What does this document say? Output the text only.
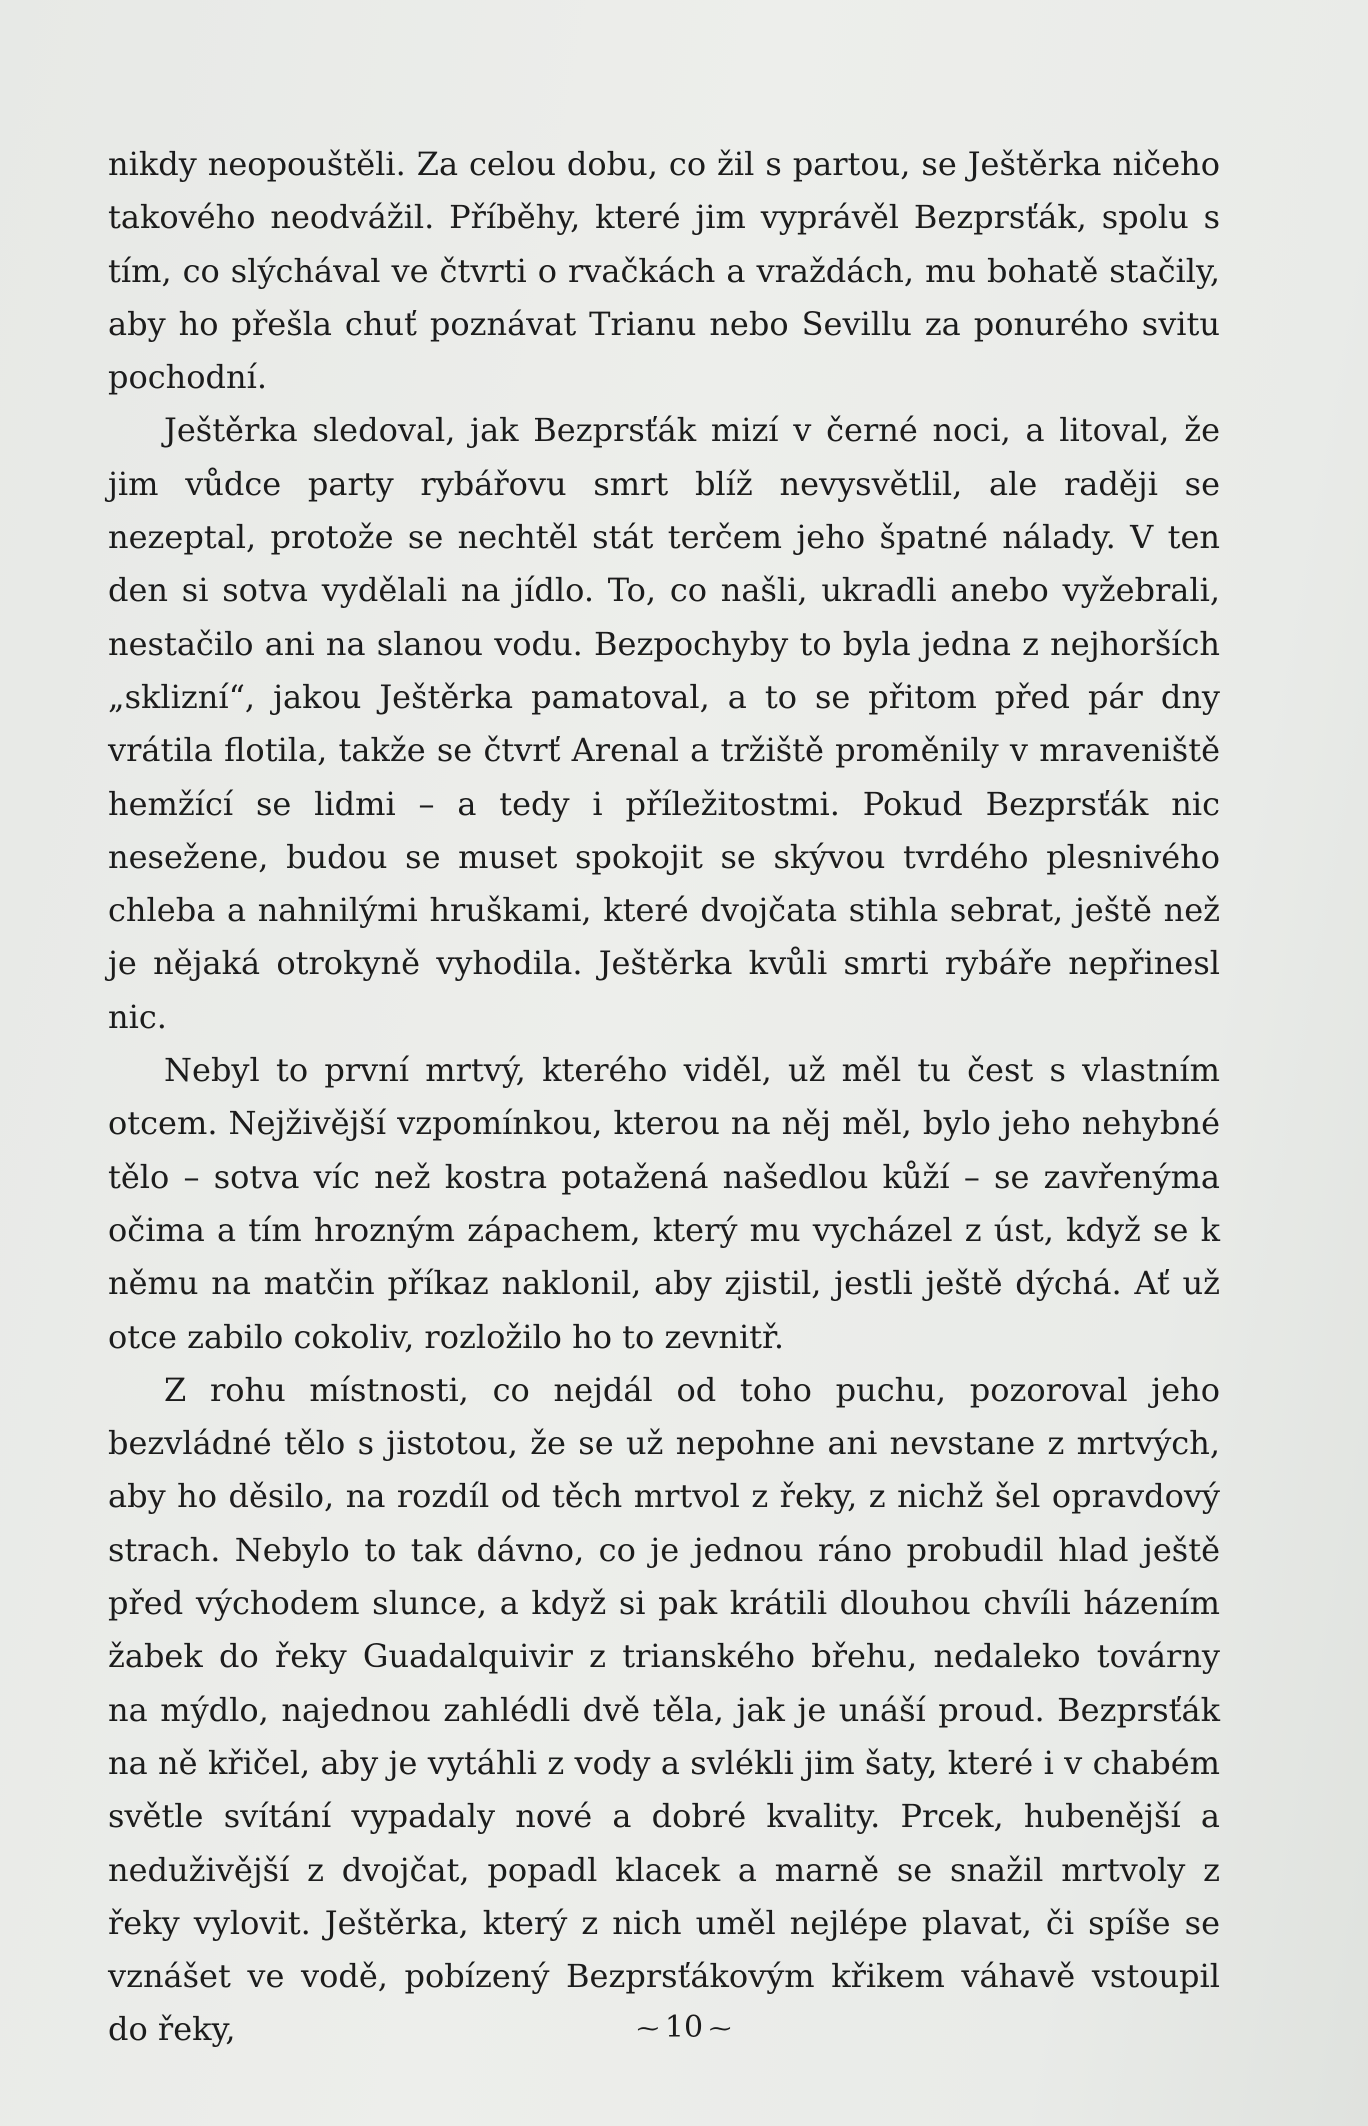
nikdy neopouštěli. Za celou dobu, co žil s partou, se Ještěrka ničeho takového neodvážil. Příběhy, které jim vyprávěl Bezprsťák, spolu s tím, co slýchával ve čtvrti o rvačkách a vraždách, mu bohatě stačily, aby ho přešla chuť poznávat Trianu nebo Sevillu za ponurého svitu pochodní.

Ještěrka sledoval, jak Bezprsťák mizí v černé noci, a litoval, že jim vůdce party rybářovu smrt blíž nevysvětlil, ale raději se nezeptal, protože se nechtěl stát terčem jeho špatné nálady. V ten den si sotva vydělali na jídlo. To, co našli, ukradli anebo vyžebrali, nestačilo ani na slanou vodu. Bezpochyby to byla jedna z nejhorších „sklizní“, jakou Ještěrka pamatoval, a to se přitom před pár dny vrátila flotila, takže se čtvrť Arenal a tržiště proměnily v mraveniště hemžící se lidmi – a tedy i příležitostmi. Pokud Bezprsťák nic nesežene, budou se muset spokojit se skývou tvrdého plesnivého chleba a nahnilými hruškami, které dvojčata stihla sebrat, ještě než je nějaká otrokyně vyhodila. Ještěrka kvůli smrti rybáře nepřinesl nic.

Nebyl to první mrtvý, kterého viděl, už měl tu čest s vlastním otcem. Nejživější vzpomínkou, kterou na něj měl, bylo jeho nehybné tělo – sotva víc než kostra potažená našedlou kůží – se zavřenýma očima a tím hrozným zápachem, který mu vycházel z úst, když se k němu na matčin příkaz naklonil, aby zjistil, jestli ještě dýchá. Ať už otce zabilo cokoliv, rozložilo ho to zevnitř.

Z rohu místnosti, co nejdál od toho puchu, pozoroval jeho bezvládné tělo s jistotou, že se už nepohne ani nevstane z mrtvých, aby ho děsilo, na rozdíl od těch mrtvol z řeky, z nichž šel opravdový strach. Nebylo to tak dávno, co je jednou ráno probudil hlad ještě před východem slunce, a když si pak krátili dlouhou chvíli házením žabek do řeky Guadalquivir z trianského břehu, nedaleko továrny na mýdlo, najednou zahlédli dvě těla, jak je unáší proud. Bezprsťák na ně křičel, aby je vytáhli z vody a svlékli jim šaty, které i v chabém světle svítání vypadaly nové a dobré kvality. Prcek, hubenější a neduživější z dvojčat, popadl klacek a marně se snažil mrtvoly z řeky vylovit. Ještěrka, který z nich uměl nejlépe plavat, či spíše se vznášet ve vodě, pobízený Bezprsťákovým křikem váhavě vstoupil do řeky,	⁓ 10 ⁓
